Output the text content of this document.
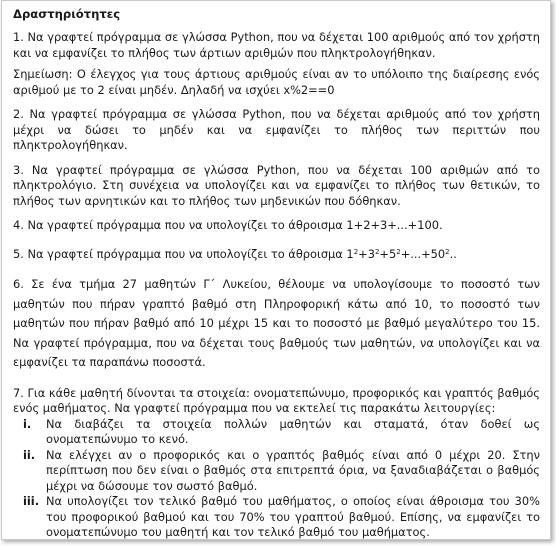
Δραστηριότητες

1. Να γραφτεί πρόγραμμα σε γλώσσα Python, που να δέχεται 100 αριθμούς από τον χρήστη και να εμφανίζει το πλήθος των άρτιων αριθμών που πληκτρολογήθηκαν.

Σημείωση: Ο έλεγχος για τους άρτιους αριθμούς είναι αν το υπόλοιπο της διαίρεσης ενός αριθμού με το 2 είναι μηδέν. Δηλαδή να ισχύει x%2==0

2. Να γραφτεί πρόγραμμα σε γλώσσα Python, που να δέχεται αριθμούς από τον χρήστη μέχρι να δώσει το μηδέν και να εμφανίζει το πλήθος των περιττών που πληκτρολογήθηκαν.

3. Να γραφτεί πρόγραμμα σε γλώσσα Python, που να δέχεται 100 αριθμών από το πληκτρολόγιο. Στη συνέχεια να υπολογίζει και να εμφανίζει το πλήθος των θετικών, το πλήθος των αρνητικών και το πλήθος των μηδενικών που δόθηκαν.

4. Να γραφτεί πρόγραμμα που να υπολογίζει το άθροισμα 1+2+3+...+100.

5. Να γραφτεί πρόγραμμα που να υπολογίζει το άθροισμα $1^2+3^2+5^2+...+50^2$..

6. Σε ένα τμήμα 27 μαθητών Γ΄ Λυκείου, θέλουμε να υπολογίσουμε το ποσοστό των μαθητών που πήραν γραπτό βαθμό στη Πληροφορική κάτω από 10, το ποσοστό των μαθητών που πήραν βαθμό από 10 μέχρι 15 και το ποσοστό με βαθμό μεγαλύτερο του 15. Να γραφτεί πρόγραμμα, που να δέχεται τους βαθμούς των μαθητών, να υπολογίζει και να εμφανίζει τα παραπάνω ποσοστά.

7. Για κάθε μαθητή δίνονται τα στοιχεία: ονοματεπώνυμο, προφορικός και γραπτός βαθμός ενός μαθήματος. Να γραφτεί πρόγραμμα που να εκτελεί τις παρακάτω λειτουργίες:

i.	Να διαβάζει τα στοιχεία πολλών μαθητών και σταματά, όταν δοθεί ως ονοματεπώνυμο το κενό.
ii. Να ελέγχει αν ο προφορικός και ο γραπτός βαθμός είναι από 0 μέχρι 20. Στην περίπτωση που δεν είναι ο βαθμός στα επιτρεπτά όρια, να ξαναδιαβάζεται ο βαθμός μέχρι να δώσουμε τον σωστό βαθμό.
iii. Να υπολογίζει τον τελικό βαθμό του μαθήματος, ο οποίος είναι άθροισμα του 30% του προφορικού βαθμού και του 70% του γραπτού βαθμού. Επίσης, να εμφανίζει το ονοματεπώνυμο του μαθητή και τον τελικό βαθμό του μαθήματος.
